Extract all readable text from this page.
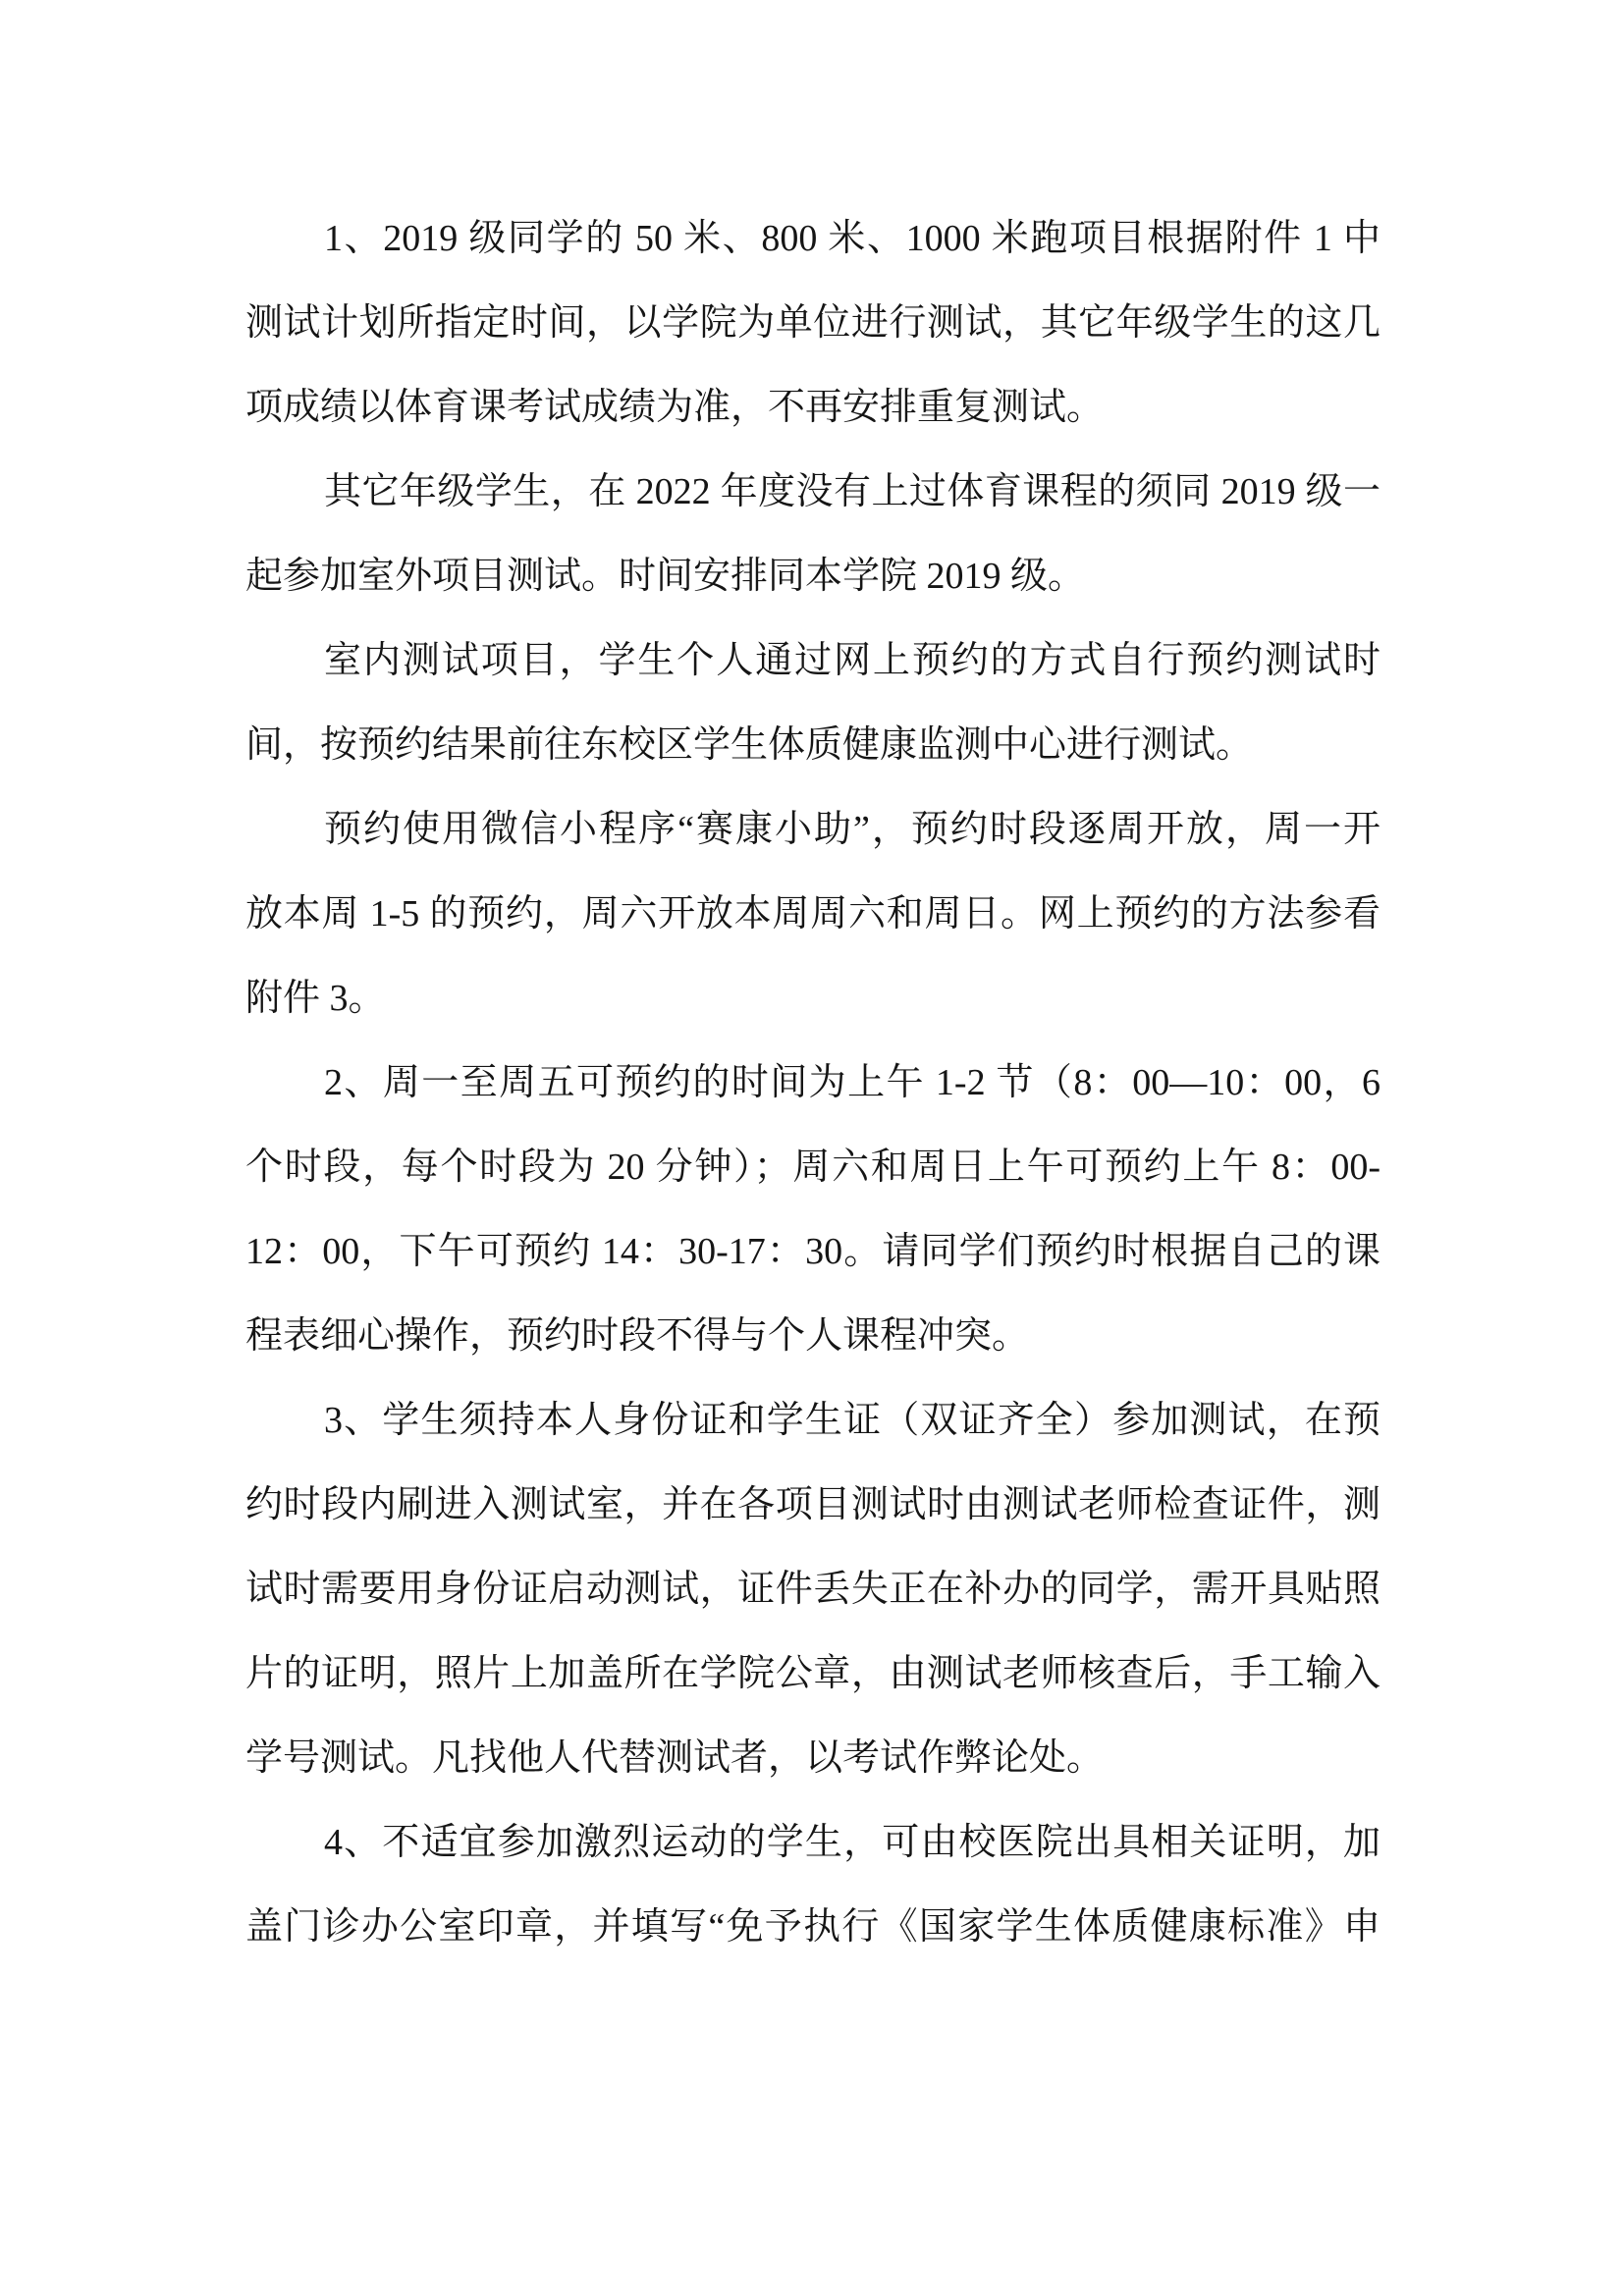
1、2019 级同学的 50 米、800 米、1000 米跑项目根据附件 1 中
测试计划所指定时间，以学院为单位进行测试，其它年级学生的这几
项成绩以体育课考试成绩为准，不再安排重复测试。
其它年级学生，在 2022 年度没有上过体育课程的须同 2019 级一
起参加室外项目测试。时间安排同本学院 2019 级。
室内测试项目，学生个人通过网上预约的方式自行预约测试时
间，按预约结果前往东校区学生体质健康监测中心进行测试。
预约使用微信小程序“赛康小助”，预约时段逐周开放，周一开
放本周 1-5 的预约，周六开放本周周六和周日。网上预约的方法参看
附件 3。
2、周一至周五可预约的时间为上午 1-2 节（8：00—10：00，6
个时段，每个时段为 20 分钟）；周六和周日上午可预约上午 8：00-
12：00，下午可预约 14：30-17：30。请同学们预约时根据自己的课
程表细心操作，预约时段不得与个人课程冲突。
3、学生须持本人身份证和学生证（双证齐全）参加测试，在预
约时段内刷进入测试室，并在各项目测试时由测试老师检查证件，测
试时需要用身份证启动测试，证件丢失正在补办的同学，需开具贴照
片的证明，照片上加盖所在学院公章，由测试老师核查后，手工输入
学号测试。凡找他人代替测试者，以考试作弊论处。
4、不适宜参加激烈运动的学生，可由校医院出具相关证明，加
盖门诊办公室印章，并填写“免予执行《国家学生体质健康标准》申
